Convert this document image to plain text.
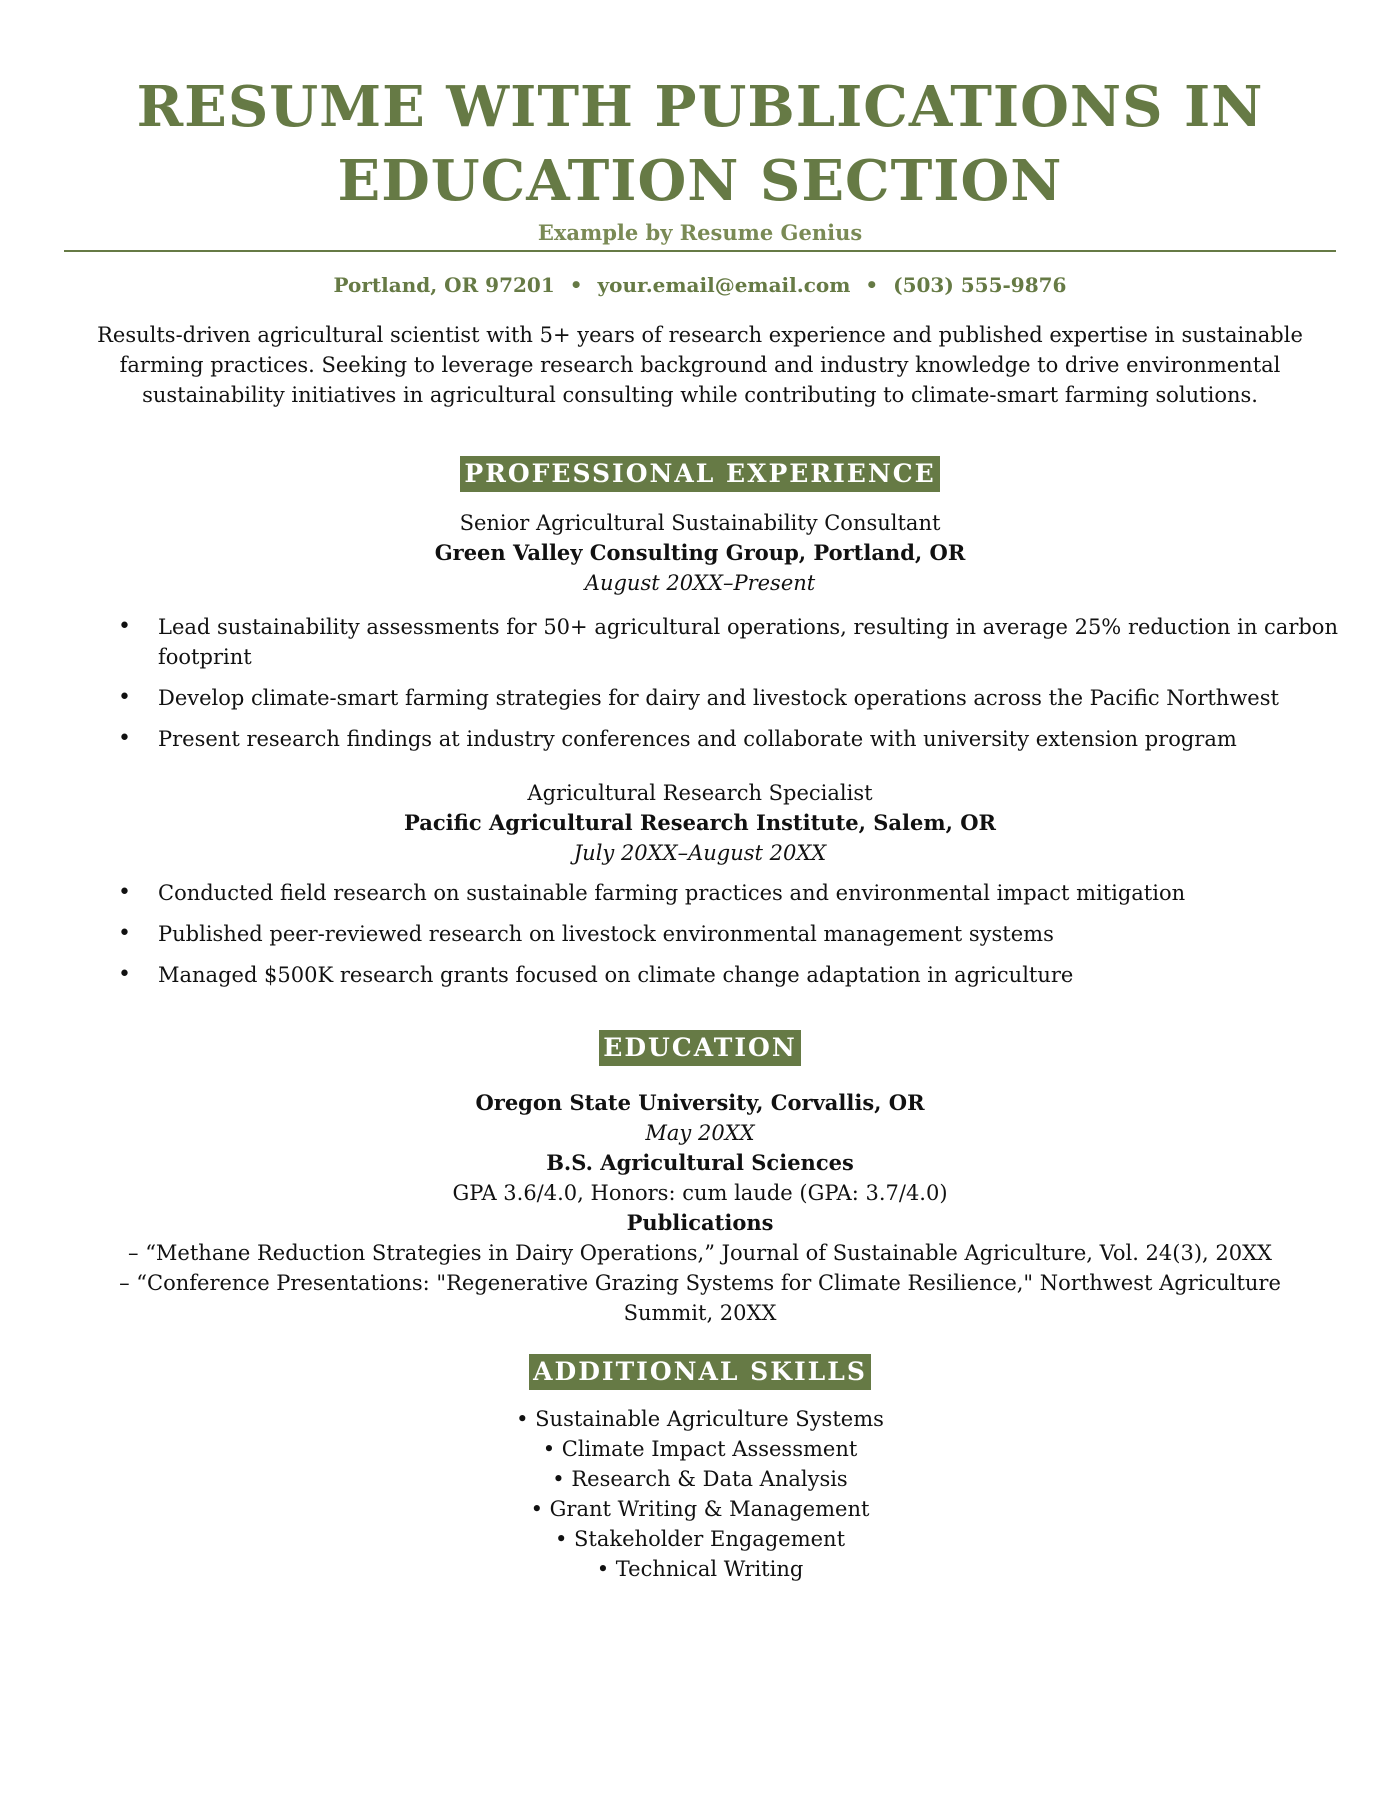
RESUME WITH PUBLICATIONS IN EDUCATION SECTION
Example by Resume Genius
Portland, OR 97201 • your.email@email.com • (503) 555-9876
Results-driven agricultural scientist with 5+ years of research experience and published expertise in sustainable farming practices. Seeking to leverage research background and industry knowledge to drive environmental sustainability initiatives in agricultural consulting while contributing to climate-smart farming solutions.
PROFESSIONAL EXPERIENCE
Senior Agricultural Sustainability Consultant
Green Valley Consulting Group, Portland, OR
August 20XX–Present
• Lead sustainability assessments for 50+ agricultural operations, resulting in average 25% reduction in carbon footprint
• Develop climate-smart farming strategies for dairy and livestock operations across the Pacific Northwest
• Present research findings at industry conferences and collaborate with university extension program
Agricultural Research Specialist
Pacific Agricultural Research Institute, Salem, OR
July 20XX–August 20XX
• Conducted field research on sustainable farming practices and environmental impact mitigation
• Published peer-reviewed research on livestock environmental management systems
• Managed $500K research grants focused on climate change adaptation in agriculture
EDUCATION
Oregon State University, Corvallis, OR
May 20XX
B.S. Agricultural Sciences
GPA 3.6/4.0, Honors: cum laude (GPA: 3.7/4.0)
Publications
– “Methane Reduction Strategies in Dairy Operations,” Journal of Sustainable Agriculture, Vol. 24(3), 20XX
– “Conference Presentations: "Regenerative Grazing Systems for Climate Resilience," Northwest Agriculture Summit, 20XX
ADDITIONAL SKILLS
• Sustainable Agriculture Systems
• Climate Impact Assessment
• Research & Data Analysis
• Grant Writing & Management
• Stakeholder Engagement
• Technical Writing
